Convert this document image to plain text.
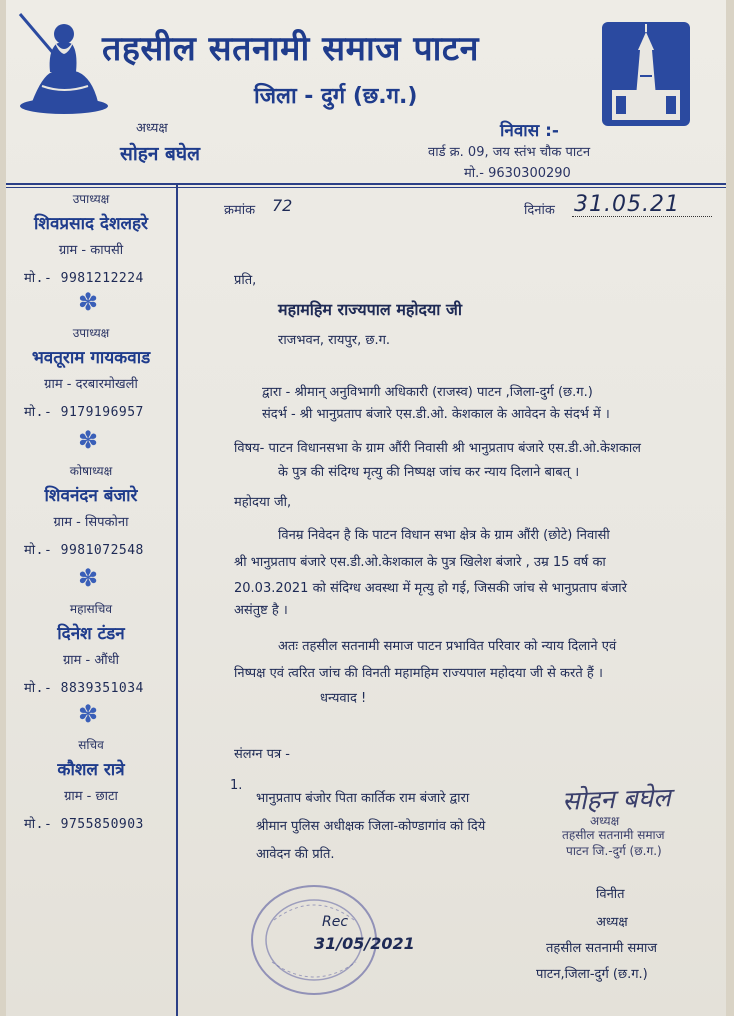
तहसील सतनामी समाज पाटन
जिला - दुर्ग (छ.ग.)
अध्यक्ष
सोहन बघेल
निवास :-
वार्ड क्र. 09, जय स्तंभ चौक पाटन
मो.- 9630300290
उपाध्यक्ष
शिवप्रसाद देशलहरे
ग्राम - कापसी
मो.- 9981212224
✽
उपाध्यक्ष
भवतूराम गायकवाड
ग्राम - दरबारमोखली
मो.- 9179196957
✽
कोषाध्यक्ष
शिवनंदन बंजारे
ग्राम - सिपकोना
मो.- 9981072548
✽
महासचिव
दिनेश टंडन
ग्राम - औंधी
मो.- 8839351034
✽
सचिव
कौशल रात्रे
ग्राम - छाटा
मो.- 9755850903
क्रमांक 72	दिनांक 31.05.21
प्रति,
महामहिम राज्यपाल महोदया जी
राजभवन, रायपुर, छ.ग.
द्वारा - श्रीमान् अनुविभागी अधिकारी (राजस्व) पाटन ,जिला-दुर्ग (छ.ग.)
संदर्भ - श्री भानुप्रताप बंजारे एस.डी.ओ. केशकाल के आवेदन के संदर्भ में ।
विषय- पाटन विधानसभा के ग्राम औंरी निवासी श्री भानुप्रताप बंजारे एस.डी.ओ.केशकाल
के पुत्र की संदिग्ध मृत्यु की निष्पक्ष जांच कर न्याय दिलाने बाबत् ।
महोदया जी,
विनम्र निवेदन है कि पाटन विधान सभा क्षेत्र के ग्राम औंरी (छोटे) निवासी
श्री भानुप्रताप बंजारे एस.डी.ओ.केशकाल के पुत्र खिलेश बंजारे , उम्र 15 वर्ष का
20.03.2021 को संदिग्ध अवस्था में मृत्यु हो गई, जिसकी जांच से भानुप्रताप बंजारे
असंतुष्ट है ।
अतः तहसील सतनामी समाज पाटन प्रभावित परिवार को न्याय दिलाने एवं
निष्पक्ष एवं त्वरित जांच की विनती महामहिम राज्यपाल महोदया जी से करते हैं ।
धन्यवाद !
संलग्न पत्र -
1.
भानुप्रताप बंजोर पिता कार्तिक राम बंजारे द्वारा
श्रीमान पुलिस अधीक्षक जिला-कोण्डागांव को दिये
आवेदन की प्रति.
सोहन बघेल
अध्यक्ष
तहसील सतनामी समाज
पाटन जि.-दुर्ग (छ.ग.)
विनीत
अध्यक्ष
तहसील सतनामी समाज
पाटन,जिला-दुर्ग (छ.ग.)
Rec
31/05/2021
